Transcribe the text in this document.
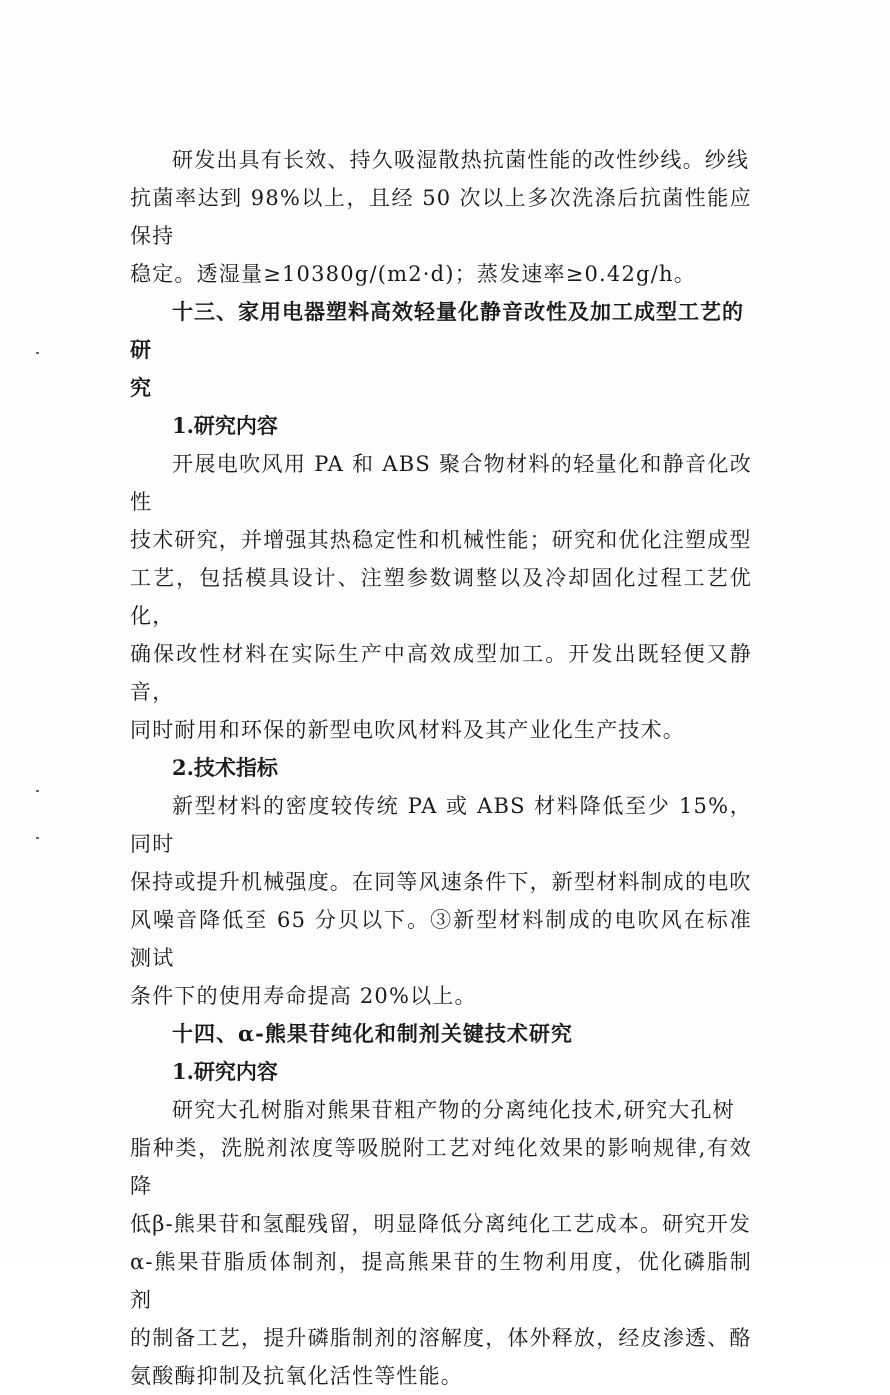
研发出具有长效、持久吸湿散热抗菌性能的改性纱线。纱线

抗菌率达到 98%以上，且经 50 次以上多次洗涤后抗菌性能应保持

稳定。透湿量≥10380g/(m2·d)；蒸发速率≥0.42g/h。

十三、家用电器塑料高效轻量化静音改性及加工成型工艺的研

究

1.研究内容

开展电吹风用 PA 和 ABS 聚合物材料的轻量化和静音化改性

技术研究，并增强其热稳定性和机械性能；研究和优化注塑成型

工艺，包括模具设计、注塑参数调整以及冷却固化过程工艺优化，

确保改性材料在实际生产中高效成型加工。开发出既轻便又静音，

同时耐用和环保的新型电吹风材料及其产业化生产技术。

2.技术指标

新型材料的密度较传统 PA 或 ABS 材料降低至少 15%，同时

保持或提升机械强度。在同等风速条件下，新型材料制成的电吹

风噪音降低至 65 分贝以下。③新型材料制成的电吹风在标准测试

条件下的使用寿命提高 20%以上。

十四、α-熊果苷纯化和制剂关键技术研究

1.研究内容

研究大孔树脂对熊果苷粗产物的分离纯化技术,研究大孔树

脂种类，洗脱剂浓度等吸脱附工艺对纯化效果的影响规律,有效降

低β-熊果苷和氢醌残留，明显降低分离纯化工艺成本。研究开发

α-熊果苷脂质体制剂，提高熊果苷的生物利用度，优化磷脂制剂

的制备工艺，提升磷脂制剂的溶解度，体外释放，经皮渗透、酪

氨酸酶抑制及抗氧化活性等性能。
